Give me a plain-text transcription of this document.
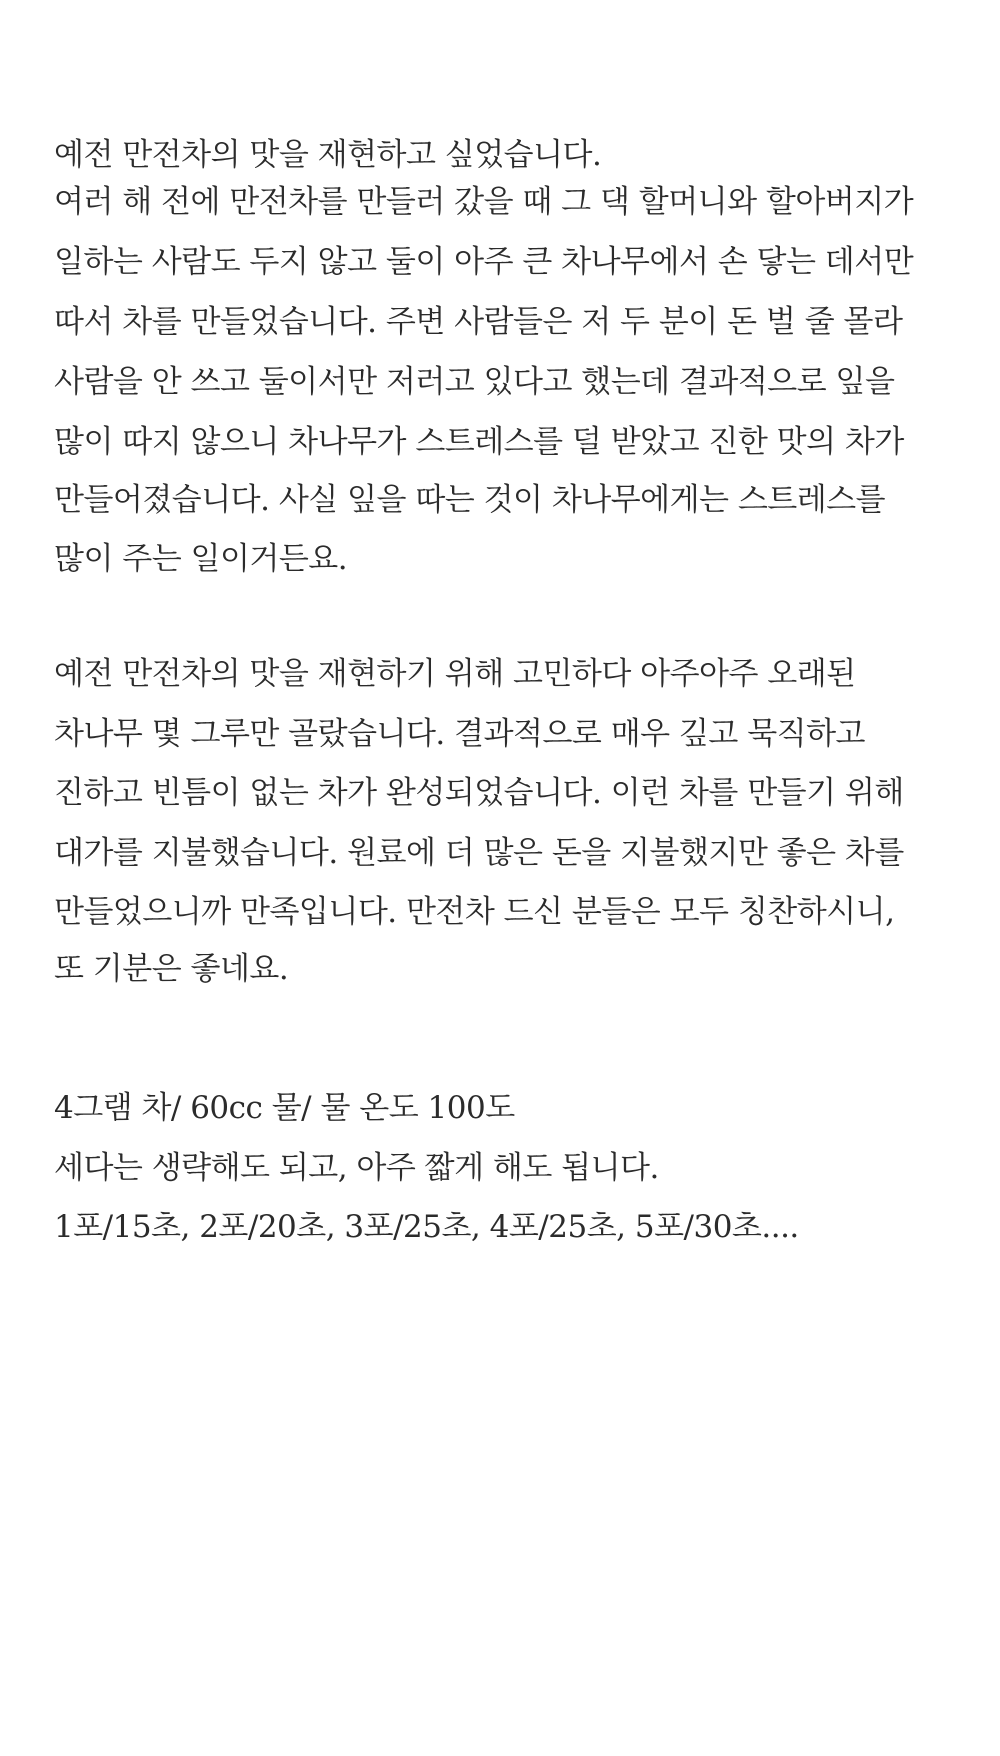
예전 만전차의 맛을 재현하고 싶었습니다.
여러 해 전에 만전차를 만들러 갔을 때 그 댁 할머니와 할아버지가
일하는 사람도 두지 않고 둘이 아주 큰 차나무에서 손 닿는 데서만
따서 차를 만들었습니다. 주변 사람들은 저 두 분이 돈 벌 줄 몰라
사람을 안 쓰고 둘이서만 저러고 있다고 했는데 결과적으로 잎을
많이 따지 않으니 차나무가 스트레스를 덜 받았고 진한 맛의 차가
만들어졌습니다. 사실 잎을 따는 것이 차나무에게는 스트레스를
많이 주는 일이거든요.
예전 만전차의 맛을 재현하기 위해 고민하다 아주아주 오래된
차나무 몇 그루만 골랐습니다. 결과적으로 매우 깊고 묵직하고
진하고 빈틈이 없는 차가 완성되었습니다. 이런 차를 만들기 위해
대가를 지불했습니다. 원료에 더 많은 돈을 지불했지만 좋은 차를
만들었으니까 만족입니다. 만전차 드신 분들은 모두 칭찬하시니,
또 기분은 좋네요.
4그램 차/ 60cc 물/ 물 온도 100도
세다는 생략해도 되고, 아주 짧게 해도 됩니다.
1포/15초, 2포/20초, 3포/25초, 4포/25초, 5포/30초....
